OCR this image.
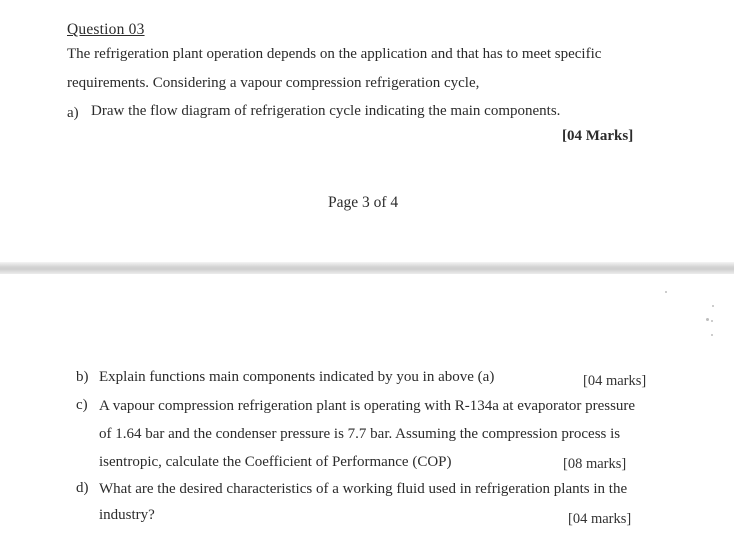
Question 03
The refrigeration plant operation depends on the application and that has to meet specific
requirements. Considering a vapour compression refrigeration cycle,
a) Draw the flow diagram of refrigeration cycle indicating the main components.
[04 Marks]
Page 3 of 4
b) Explain functions main components indicated by you in above (a)	[04 marks]
c) A vapour compression refrigeration plant is operating with R-134a at evaporator pressure
of 1.64 bar and the condenser pressure is 7.7 bar. Assuming the compression process is
isentropic, calculate the Coefficient of Performance (COP)	[08 marks]
d) What are the desired characteristics of a working fluid used in refrigeration plants in the
industry?	[04 marks]
